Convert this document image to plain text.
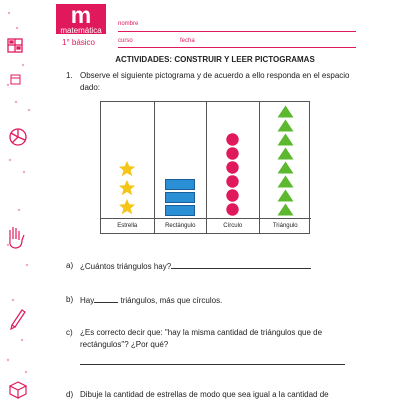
m
matemática
1° básico
nombre
curso	fecha
ACTIVIDADES: CONSTRUIR Y LEER PICTOGRAMAS
1. Observe el siguiente pictograma y de acuerdo a ello responda en el espacio
dado:
Estrella	Rectángulo	Círculo	Triángulo
a) ¿Cuántos triángulos hay?
b) Hay	triángulos, más que círculos.
c) ¿Es correcto decir que: "hay la misma cantidad de triángulos que de
rectángulos"? ¿Por qué?
d) Dibuje la cantidad de estrellas de modo que sea igual a la cantidad de
